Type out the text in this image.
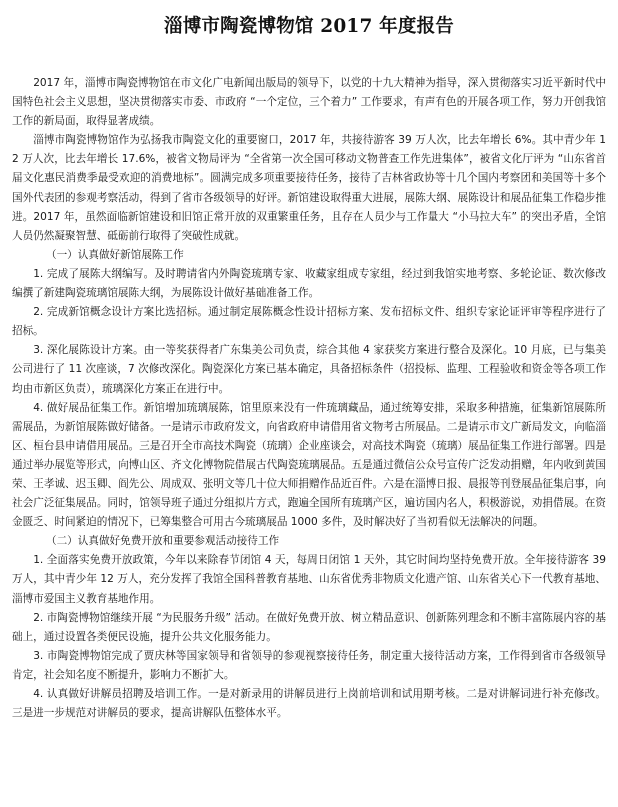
淄博市陶瓷博物馆 2017 年度报告

2017 年，淄博市陶瓷博物馆在市文化广电新闻出版局的领导下，以党的十九大精神为指导，深入贯彻落实习近平新时代中国特色社会主义思想，坚决贯彻落实市委、市政府 “一个定位，三个着力” 工作要求，有声有色的开展各项工作，努力开创我馆工作的新局面，取得显著成绩。

淄博市陶瓷博物馆作为弘扬我市陶瓷文化的重要窗口，2017 年，共接待游客 39 万人次，比去年增长 6%。其中青少年 12 万人次，比去年增长 17.6%，被省文物局评为 “全省第一次全国可移动文物普查工作先进集体”，被省文化厅评为 “山东省首届文化惠民消费季最受欢迎的消费地标”。圆满完成多项重要接待任务，接待了吉林省政协等十几个国内考察团和美国等十多个国外代表团的参观考察活动，得到了省市各级领导的好评。新馆建设取得重大进展，展陈大纲、展陈设计和展品征集工作稳步推进。2017 年，虽然面临新馆建设和旧馆正常开放的双重繁重任务，且存在人员少与工作量大 “小马拉大车” 的突出矛盾，全馆人员仍然凝聚智慧、砥砺前行取得了突破性成就。

（一）认真做好新馆展陈工作

1. 完成了展陈大纲编写。及时聘请省内外陶瓷琉璃专家、收藏家组成专家组，经过到我馆实地考察、多轮论证、数次修改编撰了新建陶瓷琉璃馆展陈大纲，为展陈设计做好基础准备工作。

2. 完成新馆概念设计方案比选招标。通过制定展陈概念性设计招标方案、发布招标文件、组织专家论证评审等程序进行了招标。

3. 深化展陈设计方案。由一等奖获得者广东集美公司负责，综合其他 4 家获奖方案进行整合及深化。10 月底，已与集美公司进行了 11 次座谈，7 次修改深化。陶瓷深化方案已基本确定，具备招标条件（招投标、监理、工程验收和资金等各项工作均由市新区负责），琉璃深化方案正在进行中。

4. 做好展品征集工作。新馆增加琉璃展陈，馆里原来没有一件琉璃藏品，通过统筹安排，采取多种措施，征集新馆展陈所需展品，为新馆展陈做好储备。一是请示市政府发文，向省政府申请借用省文物考古所展品。二是请示市文广新局发文，向临淄区、桓台县申请借用展品。三是召开全市高技术陶瓷（琉璃）企业座谈会，对高技术陶瓷（琉璃）展品征集工作进行部署。四是通过举办展览等形式，向博山区、齐文化博物院借展古代陶瓷琉璃展品。五是通过微信公众号宣传广泛发动捐赠，年内收到黄国荣、王孝诚、迟玉卿、阎先公、周成双、张明文等几十位大师捐赠作品近百件。六是在淄博日报、晨报等刊登展品征集启事，向社会广泛征集展品。同时，馆领导班子通过分组拟片方式，跑遍全国所有琉璃产区，遍访国内名人，积极游说，劝捐借展。在资金匮乏、时间紧迫的情况下，已筹集整合可用古今琉璃展品 1000 多件，及时解决好了当初看似无法解决的问题。

（二）认真做好免费开放和重要参观活动接待工作

1. 全面落实免费开放政策，今年以来除春节闭馆 4 天，每周日闭馆 1 天外，其它时间均坚持免费开放。全年接待游客 39 万人，其中青少年 12 万人，充分发挥了我馆全国科普教育基地、山东省优秀非物质文化遗产馆、山东省关心下一代教育基地、淄博市爱国主义教育基地作用。

2. 市陶瓷博物馆继续开展 “为民服务升级” 活动。在做好免费开放、树立精品意识、创新陈列理念和不断丰富陈展内容的基础上，通过设置各类便民设施，提升公共文化服务能力。

3. 市陶瓷博物馆完成了贾庆林等国家领导和省领导的参观视察接待任务，制定重大接待活动方案，工作得到省市各级领导肯定，社会知名度不断提升，影响力不断扩大。

4. 认真做好讲解员招聘及培训工作。一是对新录用的讲解员进行上岗前培训和试用期考核。二是对讲解词进行补充修改。三是进一步规范对讲解员的要求，提高讲解队伍整体水平。
